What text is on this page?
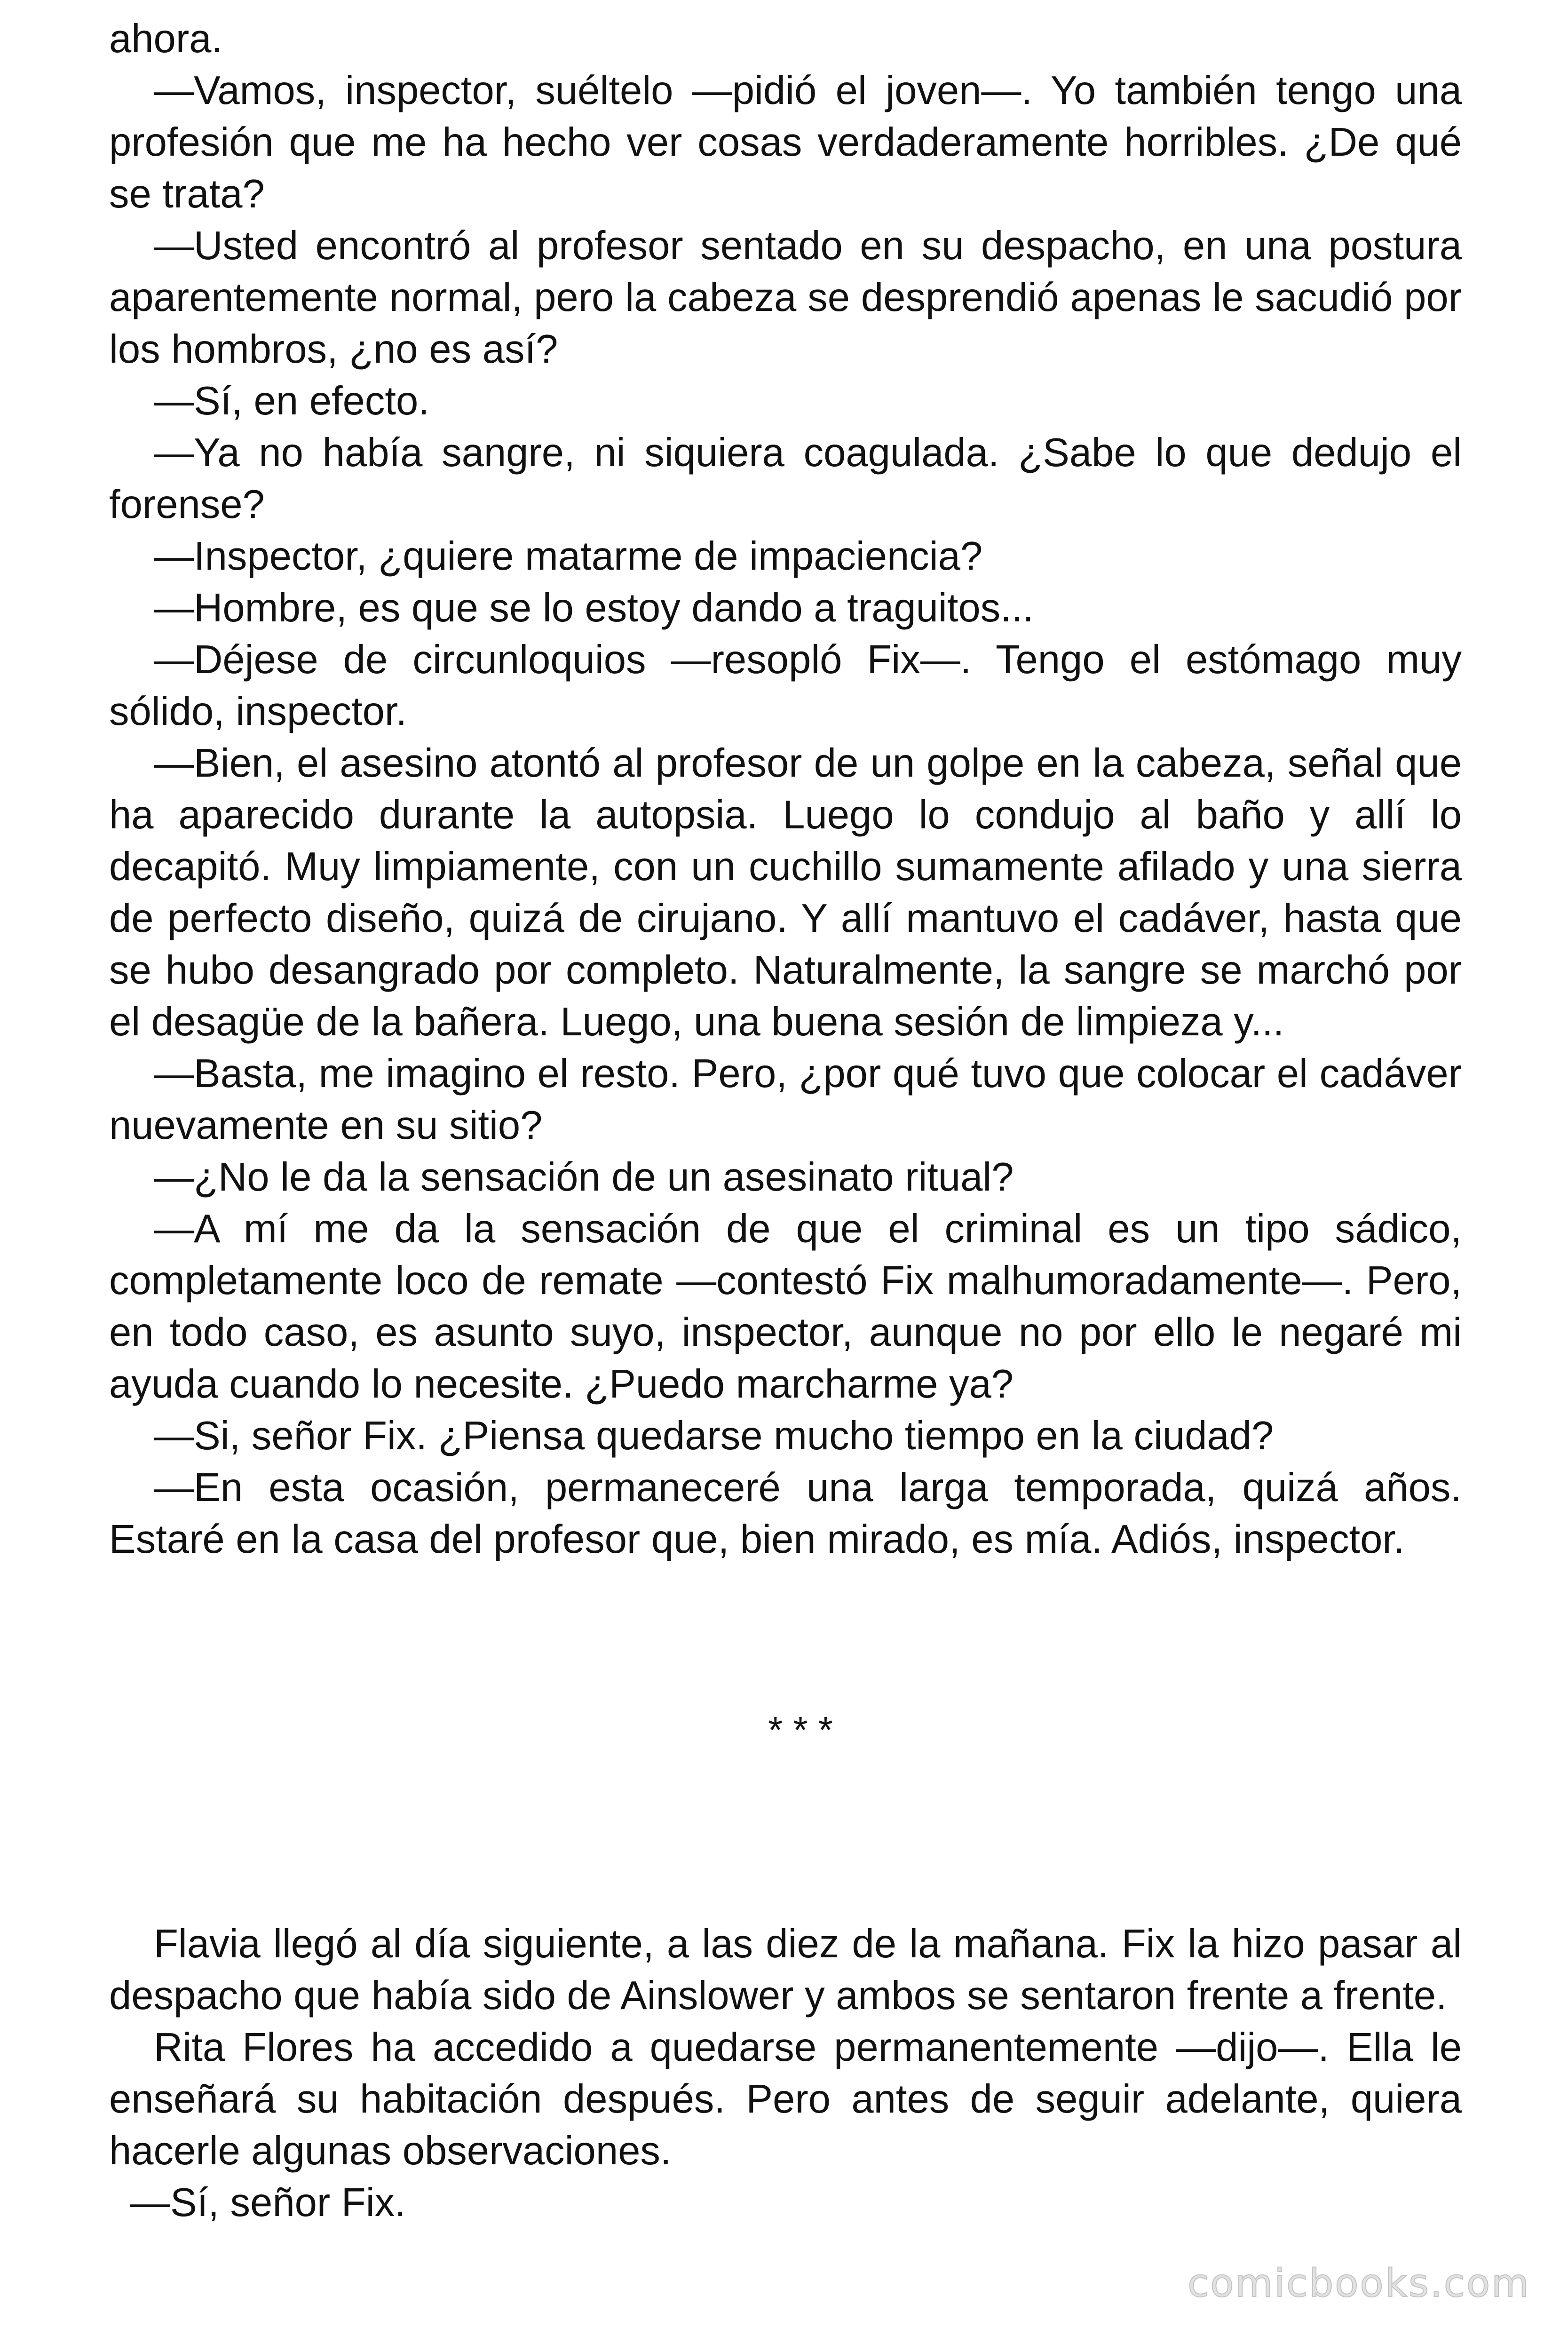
ahora.

—Vamos, inspector, suéltelo —pidió el joven—. Yo también tengo una profesión que me ha hecho ver cosas verdaderamente horribles. ¿De qué se trata?

—Usted encontró al profesor sentado en su despacho, en una postura aparentemente normal, pero la cabeza se desprendió apenas le sacudió por los hombros, ¿no es así?

—Sí, en efecto.

—Ya no había sangre, ni siquiera coagulada. ¿Sabe lo que dedujo el forense?

—Inspector, ¿quiere matarme de impaciencia?

—Hombre, es que se lo estoy dando a traguitos...

—Déjese de circunloquios —resopló Fix—. Tengo el estómago muy sólido, inspector.

—Bien, el asesino atontó al profesor de un golpe en la cabeza, señal que ha aparecido durante la autopsia. Luego lo condujo al baño y allí lo decapitó. Muy limpiamente, con un cuchillo sumamente afilado y una sierra de perfecto diseño, quizá de cirujano. Y allí mantuvo el cadáver, hasta que se hubo desangrado por completo. Naturalmente, la sangre se marchó por el desagüe de la bañera. Luego, una buena sesión de limpieza y...

—Basta, me imagino el resto. Pero, ¿por qué tuvo que colocar el cadáver nuevamente en su sitio?

—¿No le da la sensación de un asesinato ritual?

—A mí me da la sensación de que el criminal es un tipo sádico, completamente loco de remate —contestó Fix malhumoradamente—. Pero, en todo caso, es asunto suyo, inspector, aunque no por ello le negaré mi ayuda cuando lo necesite. ¿Puedo marcharme ya?

—Si, señor Fix. ¿Piensa quedarse mucho tiempo en la ciudad?

—En esta ocasión, permaneceré una larga temporada, quizá años. Estaré en la casa del profesor que, bien mirado, es mía. Adiós, inspector.

* * *

Flavia llegó al día siguiente, a las diez de la mañana. Fix la hizo pasar al despacho que había sido de Ainslower y ambos se sentaron frente a frente.

Rita Flores ha accedido a quedarse permanentemente —dijo—. Ella le enseñará su habitación después. Pero antes de seguir adelante, quiera hacerle algunas observaciones.

—Sí, señor Fix.

comicbooks.com
